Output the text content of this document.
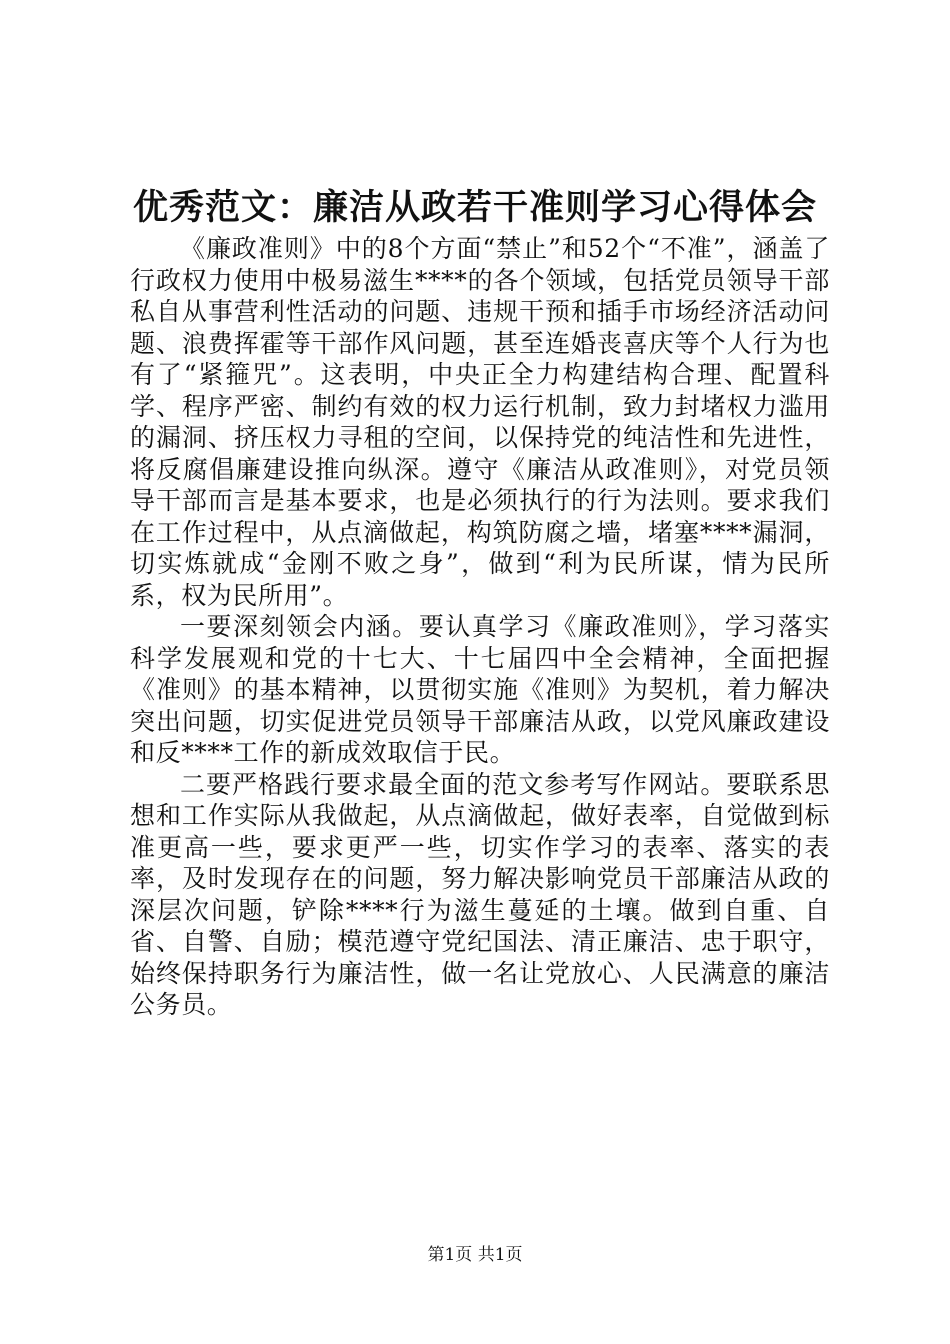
优秀范文：廉洁从政若干准则学习心得体会

《廉政准则》中的8个方面“禁止”和52个“不准”，涵盖了行政权力使用中极易滋生****的各个领域，包括党员领导干部私自从事营利性活动的问题、违规干预和插手市场经济活动问题、浪费挥霍等干部作风问题，甚至连婚丧喜庆等个人行为也有了“紧箍咒”。这表明，中央正全力构建结构合理、配置科学、程序严密、制约有效的权力运行机制，致力封堵权力滥用的漏洞、挤压权力寻租的空间，以保持党的纯洁性和先进性，将反腐倡廉建设推向纵深。遵守《廉洁从政准则》，对党员领导干部而言是基本要求，也是必须执行的行为法则。要求我们在工作过程中，从点滴做起，构筑防腐之墙，堵塞****漏洞，切实炼就成“金刚不败之身”，做到“利为民所谋，情为民所系，权为民所用”。

一要深刻领会内涵。要认真学习《廉政准则》，学习落实科学发展观和党的十七大、十七届四中全会精神，全面把握《准则》的基本精神，以贯彻实施《准则》为契机，着力解决突出问题，切实促进党员领导干部廉洁从政，以党风廉政建设和反****工作的新成效取信于民。

二要严格践行要求最全面的范文参考写作网站。要联系思想和工作实际从我做起，从点滴做起，做好表率，自觉做到标准更高一些，要求更严一些，切实作学习的表率、落实的表率，及时发现存在的问题，努力解决影响党员干部廉洁从政的深层次问题，铲除****行为滋生蔓延的土壤。做到自重、自省、自警、自励；模范遵守党纪国法、清正廉洁、忠于职守，始终保持职务行为廉洁性，做一名让党放心、人民满意的廉洁公务员。

第1页 共1页
